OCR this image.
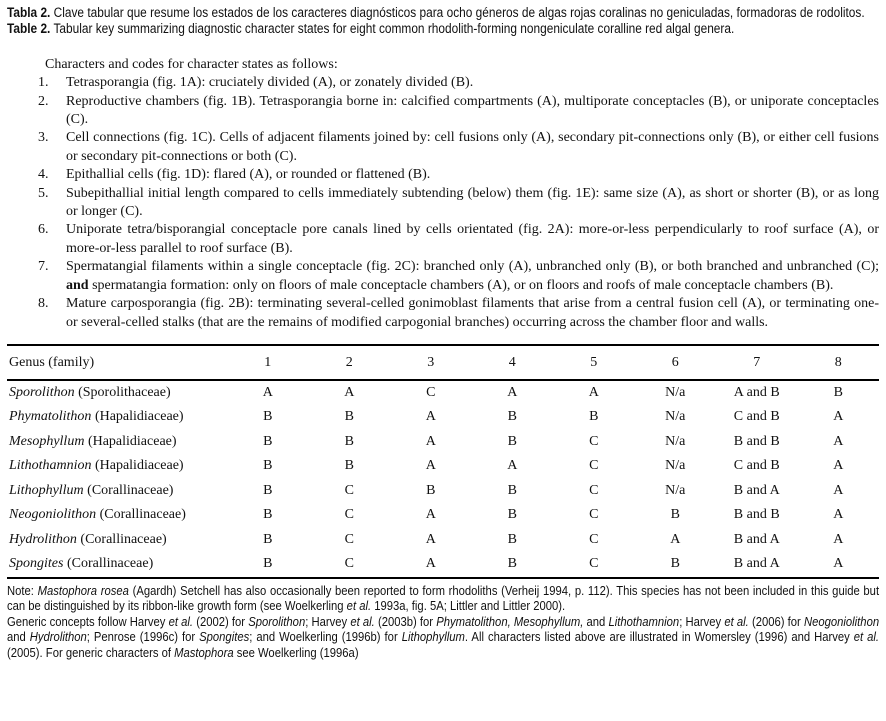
Tabla 2. Clave tabular que resume los estados de los caracteres diagnósticos para ocho géneros de algas rojas coralinas no geniculadas, formadoras de rodolitos.
Table 2. Tabular key summarizing diagnostic character states for eight common rhodolith-forming nongeniculate coralline red algal genera.
Characters and codes for character states as follows:
1.	Tetrasporangia (fig. 1A): cruciately divided (A), or zonately divided (B).
2.	Reproductive chambers (fig. 1B). Tetrasporangia borne in: calcified compartments (A), multiporate conceptacles (B), or uniporate conceptacles (C).
3.	Cell connections (fig. 1C). Cells of adjacent filaments joined by: cell fusions only (A), secondary pit-connections only (B), or either cell fusions or secondary pit-connections or both (C).
4.	Epithallial cells (fig. 1D): flared (A), or rounded or flattened (B).
5.	Subepithallial initial length compared to cells immediately subtending (below) them (fig. 1E): same size (A), as short or shorter (B), or as long or longer (C).
6.	Uniporate tetra/bisporangial conceptacle pore canals lined by cells orientated (fig. 2A): more-or-less perpendicularly to roof surface (A), or more-or-less parallel to roof surface (B).
7.	Spermatangial filaments within a single conceptacle (fig. 2C): branched only (A), unbranched only (B), or both branched and unbranched (C); and spermatangia formation: only on floors of male conceptacle chambers (A), or on floors and roofs of male conceptacle chambers (B).
8.	Mature carposporangia (fig. 2B): terminating several-celled gonimoblast filaments that arise from a central fusion cell (A), or terminating one- or several-celled stalks (that are the remains of modified carpogonial branches) occurring across the chamber floor and walls.
Genus (family)	1	2	3	4	5	6	7	8
Sporolithon (Sporolithaceae)	A	A	C	A	A	N/a	A and B	B
Phymatolithon (Hapalidiaceae)	B	B	A	B	B	N/a	C and B	A
Mesophyllum (Hapalidiaceae)	B	B	A	B	C	N/a	B and B	A
Lithothamnion (Hapalidiaceae)	B	B	A	A	C	N/a	C and B	A
Lithophyllum (Corallinaceae)	B	C	B	B	C	N/a	B and A	A
Neogoniolithon (Corallinaceae)	B	C	A	B	C	B	B and B	A
Hydrolithon (Corallinaceae)	B	C	A	B	C	A	B and A	A
Spongites (Corallinaceae)	B	C	A	B	C	B	B and A	A

Note: Mastophora rosea (Agardh) Setchell has also occasionally been reported to form rhodoliths (Verheij 1994, p. 112). This species has not been included in this guide but can be distinguished by its ribbon-like growth form (see Woelkerling et al. 1993a, fig. 5A; Littler and Littler 2000).

Generic concepts follow Harvey et al. (2002) for Sporolithon; Harvey et al. (2003b) for Phymatolithon, Mesophyllum, and Lithothamnion; Harvey et al. (2006) for Neogoniolithon and Hydrolithon; Penrose (1996c) for Spongites; and Woelkerling (1996b) for Lithophyllum. All characters listed above are illustrated in Womersley (1996) and Harvey et al. (2005). For generic characters of Mastophora see Woelkerling (1996a)
